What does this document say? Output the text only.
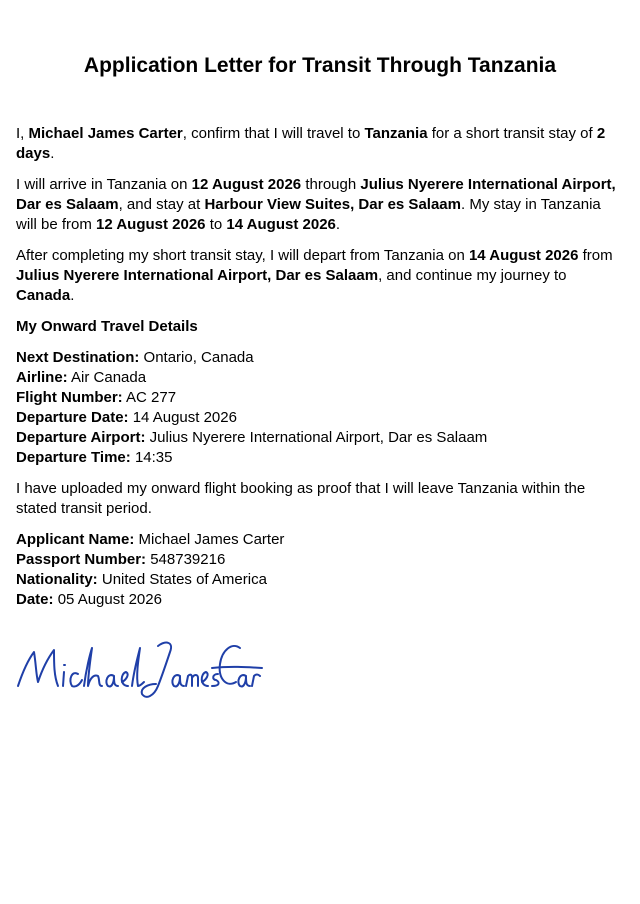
Application Letter for Transit Through Tanzania

I, Michael James Carter, confirm that I will travel to Tanzania for a short transit stay of 2 days.

I will arrive in Tanzania on 12 August 2026 through Julius Nyerere International Airport, Dar es Salaam, and stay at Harbour View Suites, Dar es Salaam. My stay in Tanzania will be from 12 August 2026 to 14 August 2026.

After completing my short transit stay, I will depart from Tanzania on 14 August 2026 from Julius Nyerere International Airport, Dar es Salaam, and continue my journey to Canada.

My Onward Travel Details

Next Destination: Ontario, Canada
Airline: Air Canada
Flight Number: AC 277
Departure Date: 14 August 2026
Departure Airport: Julius Nyerere International Airport, Dar es Salaam
Departure Time: 14:35

I have uploaded my onward flight booking as proof that I will leave Tanzania within the stated transit period.

Applicant Name: Michael James Carter
Passport Number: 548739216
Nationality: United States of America
Date: 05 August 2026
